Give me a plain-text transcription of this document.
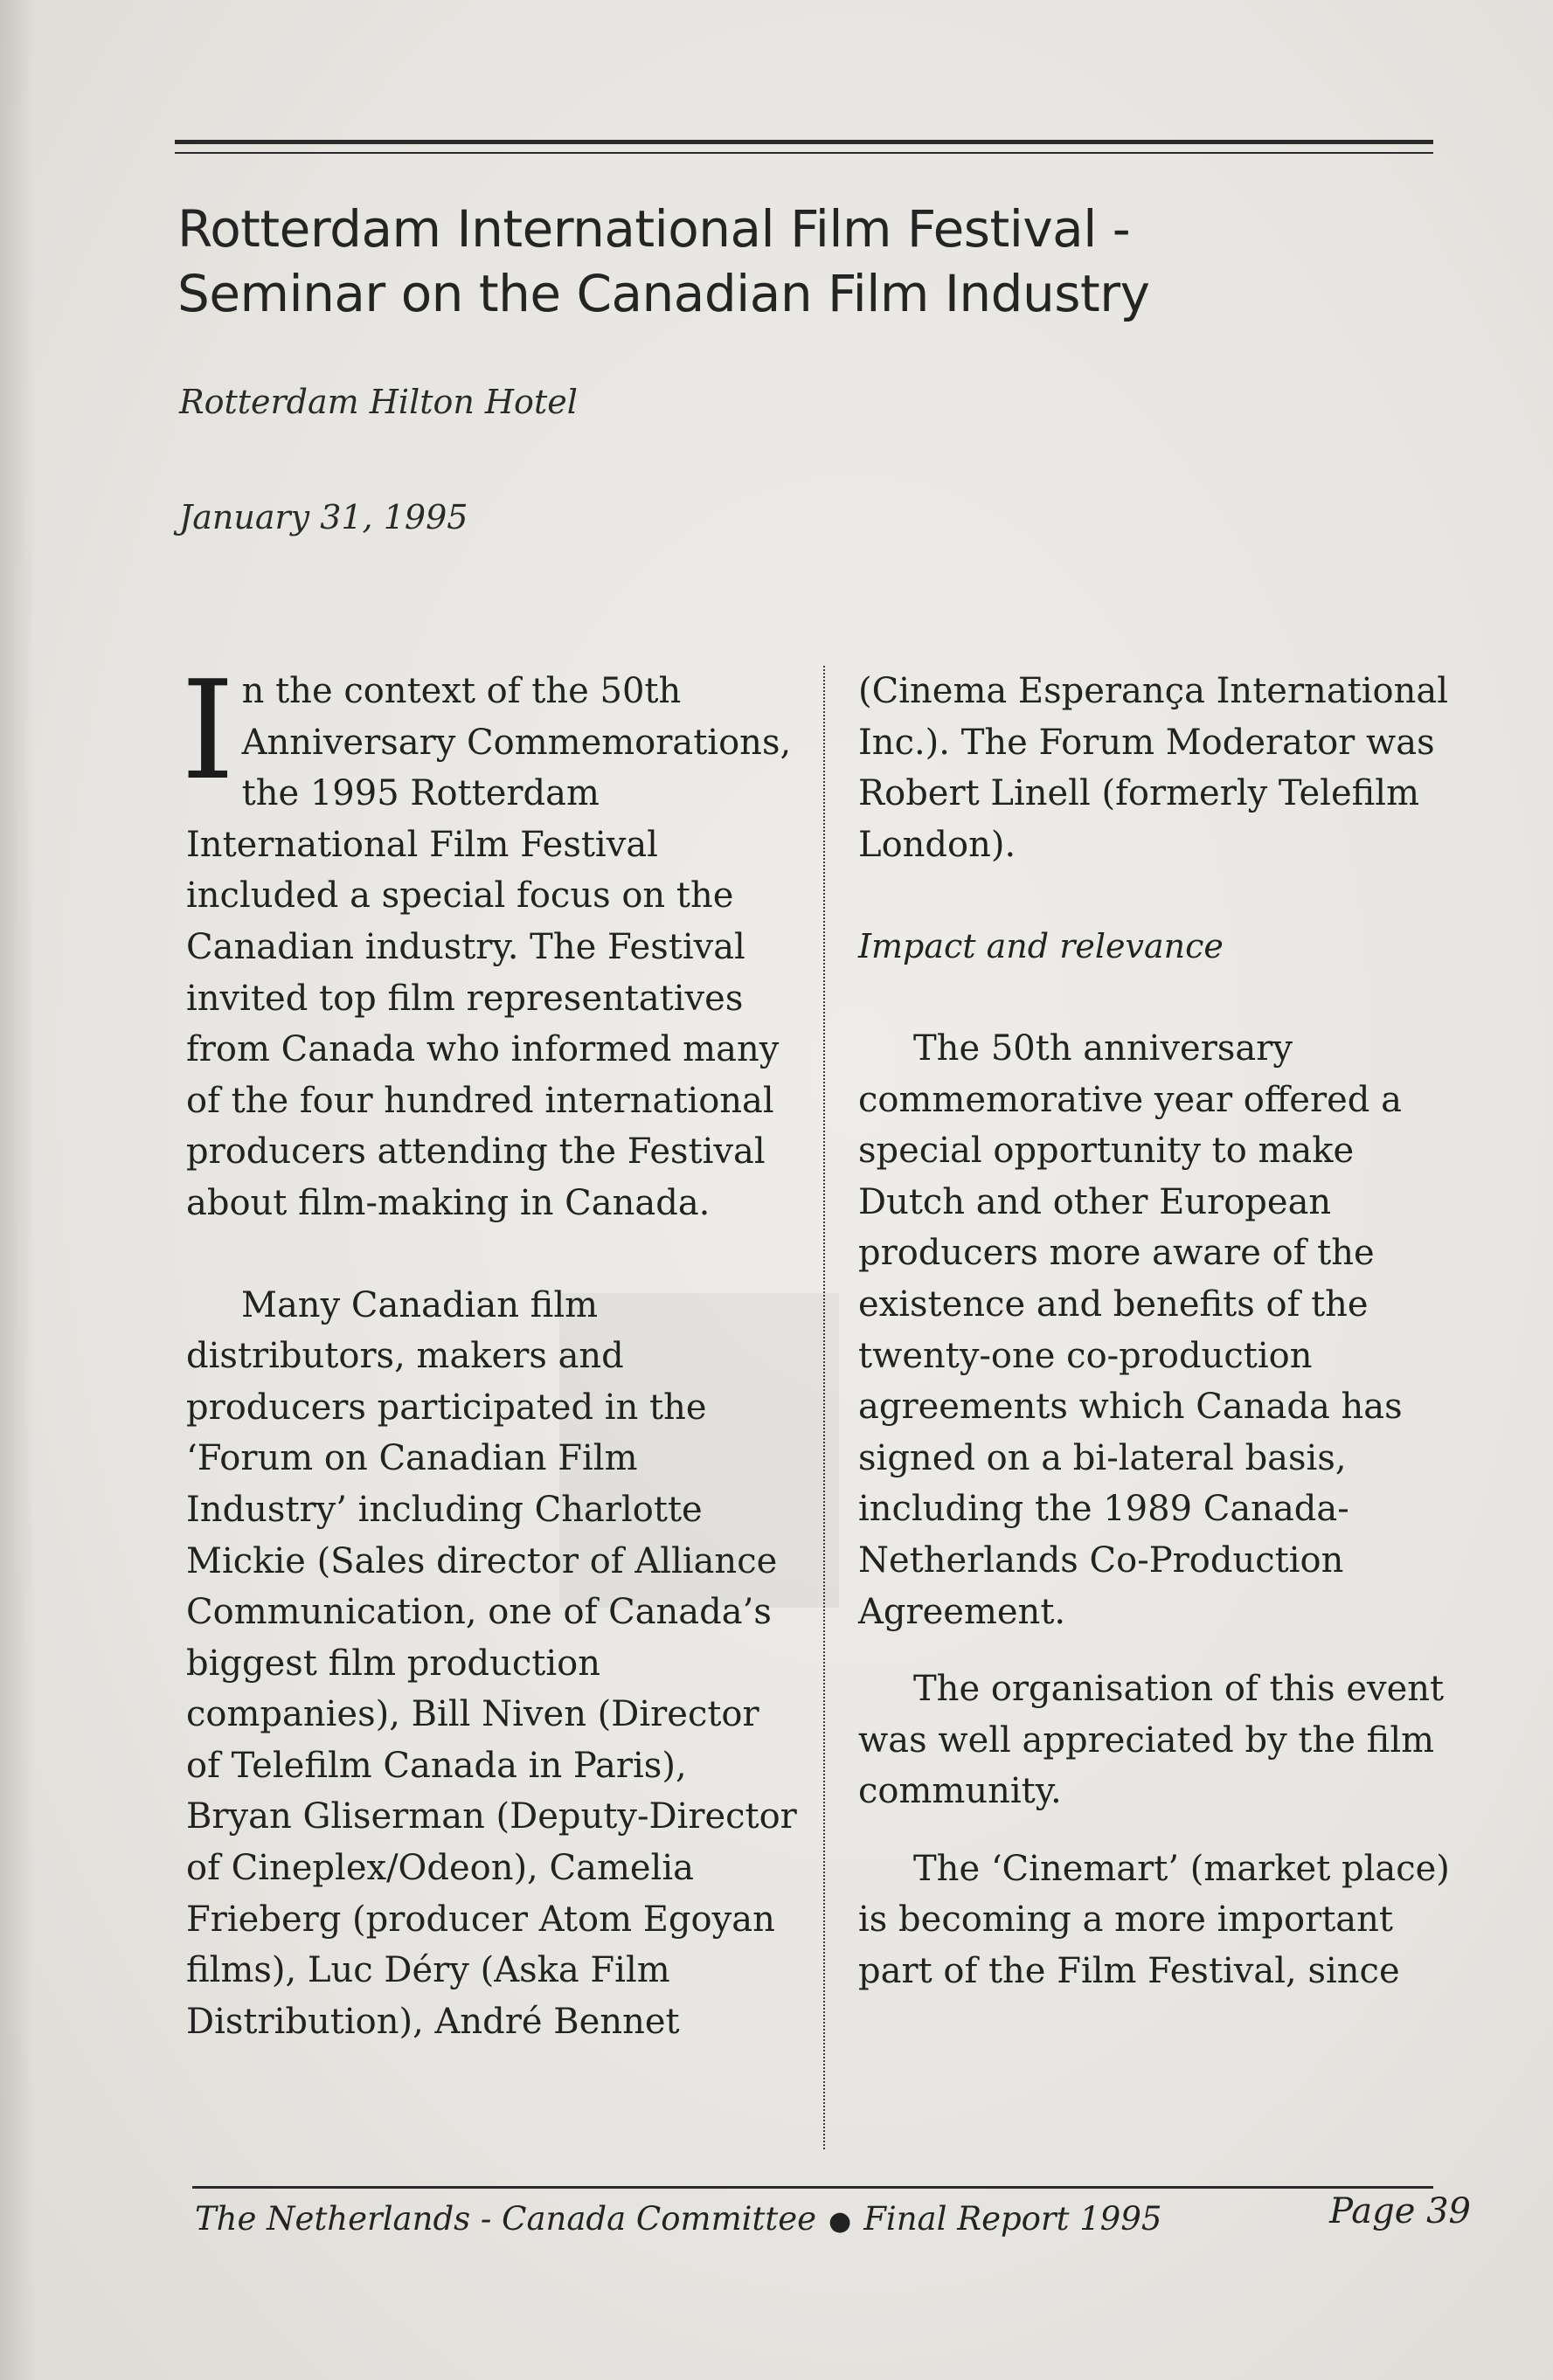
Rotterdam International Film Festival -
Seminar on the Canadian Film Industry
Rotterdam Hilton Hotel
January 31, 1995

In the context of the 50th Anniversary Commemorations, the 1995 Rotterdam International Film Festival included a special focus on the Canadian industry. The Festival invited top film representatives from Canada who informed many of the four hundred international producers attending the Festival about film-making in Canada.

Many Canadian film distributors, makers and producers participated in the ‘Forum on Canadian Film Industry’ including Charlotte Mickie (Sales director of Alliance Communication, one of Canada’s biggest film production companies), Bill Niven (Director of Telefilm Canada in Paris), Bryan Gliserman (Deputy-Director of Cineplex/Odeon), Camelia Frieberg (producer Atom Egoyan films), Luc Déry (Aska Film Distribution), André Bennet

(Cinema Esperança International Inc.). The Forum Moderator was Robert Linell (formerly Telefilm London).

Impact and relevance

The 50th anniversary commemorative year offered a special opportunity to make Dutch and other European producers more aware of the existence and benefits of the twenty-one co-production agreements which Canada has signed on a bi-lateral basis, including the 1989 Canada-Netherlands Co-Production Agreement.

The organisation of this event was well appreciated by the film community.

The ‘Cinemart’ (market place) is becoming a more important part of the Film Festival, since

The Netherlands - Canada Committee ● Final Report 1995	Page 39
